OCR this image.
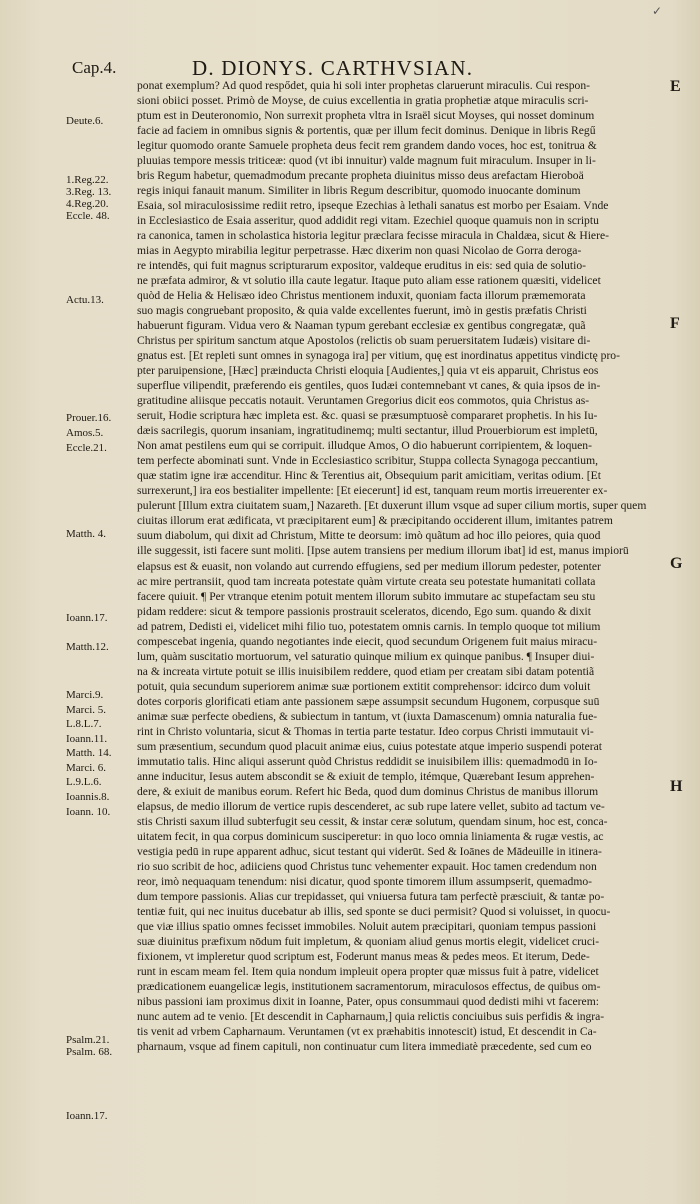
Cap.4.	D. DIONYS. CARTHVSIAN.
✓
E
F
G
H
Deute.6.
1.Reg.22.
3.Reg. 13.
4.Reg.20.
Eccle. 48.
Actu.13.
Prouer.16.
Amos.5.
Eccle.21.
Matth. 4.
Ioann.17.
Matth.12.
Marci.9.
Marci. 5.
L.8.L.7.
Ioann.11.
Matth. 14.
Marci. 6.
L.9.L.6.
Ioannis.8.
Ioann. 10.
Psalm.21.
Psalm. 68.
Ioann.17.
ponat exemplum? Ad quod respődet, quia hi soli inter prophetas claruerunt miraculis. Cui respon-
sioni obiici posset. Primò de Moyse, de cuius excellentia in gratia prophetiæ atque miraculis scri-
ptum est in Deuteronomio, Non surrexit propheta vltra in Israël sicut Moyses, qui nosset dominum
facie ad faciem in omnibus signis & portentis, quæ per illum fecit dominus. Denique in libris Regű
legitur quomodo orante Samuele propheta deus fecit rem grandem dando voces, hoc est, tonitrua &
pluuias tempore messis triticeæ: quod (vt ibi innuitur) valde magnum fuit miraculum. Insuper in li-
bris Regum habetur, quemadmodum precante propheta diuinitus misso deus arefactam Hieroboä
regis iniqui fanauit manum. Similiter in libris Regum describitur, quomodo inuocante dominum
Esaia, sol miraculosissime rediit retro, ipseque Ezechias à lethali sanatus est morbo per Esaiam. Vnde
in Ecclesiastico de Esaia asseritur, quod addidit regi vitam. Ezechiel quoque quamuis non in scriptu
ra canonica, tamen in scholastica historia legitur præclara fecisse miracula in Chaldæa, sicut & Hiere-
mias in Aegypto mirabilia legitur perpetrasse. Hæc dixerim non quasi Nicolao de Gorra deroga-
re intendēs, qui fuit magnus scripturarum expositor, valdeque eruditus in eis: sed quia de solutio-
ne præfata admiror, & vt solutio illa caute legatur. Itaque puto aliam esse rationem quæsiti, videlicet
quòd de Helia & Helisæo ideo Christus mentionem induxit, quoniam facta illorum præmemorata
suo magis congruebant proposito, & quia valde excellentes fuerunt, imò in gestis præfatis Christi
habuerunt figuram. Vidua vero & Naaman typum gerebant ecclesiæ ex gentibus congregatæ, quã
Christus per spiritum sanctum atque Apostolos (relictis ob suam peruersitatem Iudæis) visitare di-
gnatus est. [Et repleti sunt omnes in synagoga ira] per vitium, quę est inordinatus appetitus vindictę pro-
pter paruipensione, [Hæc] præinducta Christi eloquia [Audientes,] quia vt eis apparuit, Christus eos
superflue vilipendit, præferendo eis gentiles, quos Iudæi contemnebant vt canes, & quia ipsos de in-
gratitudine aliisque peccatis notauit. Veruntamen Gregorius dicit eos commotos, quia Christus as-
seruit, Hodie scriptura hæc impleta est. &c. quasi se præsumptuosè compararet prophetis. In his Iu-
dæis sacrilegis, quorum insaniam, ingratitudinemq; multi sectantur, illud Prouerbiorum est impletū,
Non amat pestilens eum qui se corripuit. illudque Amos, O dio habuerunt corripientem, & loquen-
tem perfecte abominati sunt. Vnde in Ecclesiastico scribitur, Stuppa collecta Synagoga peccantium,
quæ statim igne iræ accenditur. Hinc & Terentius ait, Obsequium parit amicitiam, veritas odium. [Et
surrexerunt,] ira eos bestialiter impellente: [Et eiecerunt] id est, tanquam reum mortis irreuerenter ex-
pulerunt [Illum extra ciuitatem suam,] Nazareth. [Et duxerunt illum vsque ad super cilium mortis, super quem
ciuitas illorum erat ædificata, vt præcipitarent eum] & præcipitando occiderent illum, imitantes patrem
suum diabolum, qui dixit ad Christum, Mitte te deorsum: imò quãtum ad hoc illo peiores, quia quod
ille suggessit, isti facere sunt moliti. [Ipse autem transiens per medium illorum ibat] id est, manus impiorū
elapsus est & euasit, non volando aut currendo effugiens, sed per medium illorum pedester, potenter
ac mire pertransiit, quod tam increata potestate quàm virtute creata seu potestate humanitati collata
facere quiuit. ¶ Per vtranque etenim potuit mentem illorum subito immutare ac stupefactam seu stu
pidam reddere: sicut & tempore passionis prostrauit sceleratos, dicendo, Ego sum. quando & dixit
ad patrem, Dedisti ei, videlicet mihi filio tuo, potestatem omnis carnis. In templo quoque tot milium
compescebat ingenia, quando negotiantes inde eiecit, quod secundum Origenem fuit maius miracu-
lum, quàm suscitatio mortuorum, vel saturatio quinque milium ex quinque panibus. ¶ Insuper diui-
na & increata virtute potuit se illis inuisibilem reddere, quod etiam per creatam sibi datam potentiã
potuit, quia secundum superiorem animæ suæ portionem extitit comprehensor: idcirco dum voluit
dotes corporis glorificati etiam ante passionem sæpe assumpsit secundum Hugonem, corpusque suū
animæ suæ perfecte obediens, & subiectum in tantum, vt (iuxta Damascenum) omnia naturalia fue-
rint in Christo voluntaria, sicut & Thomas in tertia parte testatur. Ideo corpus Christi immutauit vi-
sum præsentium, secundum quod placuit animæ eius, cuius potestate atque imperio suspendi poterat
immutatio talis. Hinc aliqui asserunt quòd Christus reddidit se inuisibilem illis: quemadmodū in Io-
anne inducitur, Iesus autem abscondit se & exiuit de templo, itémque, Quærebant Iesum apprehen-
dere, & exiuit de manibus eorum. Refert hic Beda, quod dum dominus Christus de manibus illorum
elapsus, de medio illorum de vertice rupis descenderet, ac sub rupe latere vellet, subito ad tactum ve-
stis Christi saxum illud subterfugit seu cessit, & instar ceræ solutum, quendam sinum, hoc est, conca-
uitatem fecit, in qua corpus dominicum susciperetur: in quo loco omnia liniamenta & rugæ vestis, ac
vestigia pedū in rupe apparent adhuc, sicut testant qui viderūt. Sed & Ioānes de Mādeuille in itinera-
rio suo scribit de hoc, adiiciens quod Christus tunc vehementer expauit. Hoc tamen credendum non
reor, imò nequaquam tenendum: nisi dicatur, quod sponte timorem illum assumpserit, quemadmo-
dum tempore passionis. Alias cur trepidasset, qui vniuersa futura tam perfectè præsciuit, & tantæ po-
tentiæ fuit, qui nec inuitus ducebatur ab illis, sed sponte se duci permisit? Quod si voluisset, in quocu-
que viæ illius spatio omnes fecisset immobiles. Noluit autem præcipitari, quoniam tempus passioni
suæ diuinitus præfixum nōdum fuit impletum, & quoniam aliud genus mortis elegit, videlicet cruci-
fixionem, vt impleretur quod scriptum est, Foderunt manus meas & pedes meos. Et iterum, Dede-
runt in escam meam fel. Item quia nondum impleuit opera propter quæ missus fuit à patre, videlicet
prædicationem euangelicæ legis, institutionem sacramentorum, miraculosos effectus, de quibus om-
nibus passioni iam proximus dixit in Ioanne, Pater, opus consummaui quod dedisti mihi vt facerem:
nunc autem ad te venio. [Et descendit in Capharnaum,] quia relictis conciuibus suis perfidis & ingra-
tis venit ad vrbem Capharnaum. Veruntamen (vt ex præhabitis innotescit) istud, Et descendit in Ca-
pharnaum, vsque ad finem capituli, non continuatur cum litera immediatè præcedente, sed cum eo
